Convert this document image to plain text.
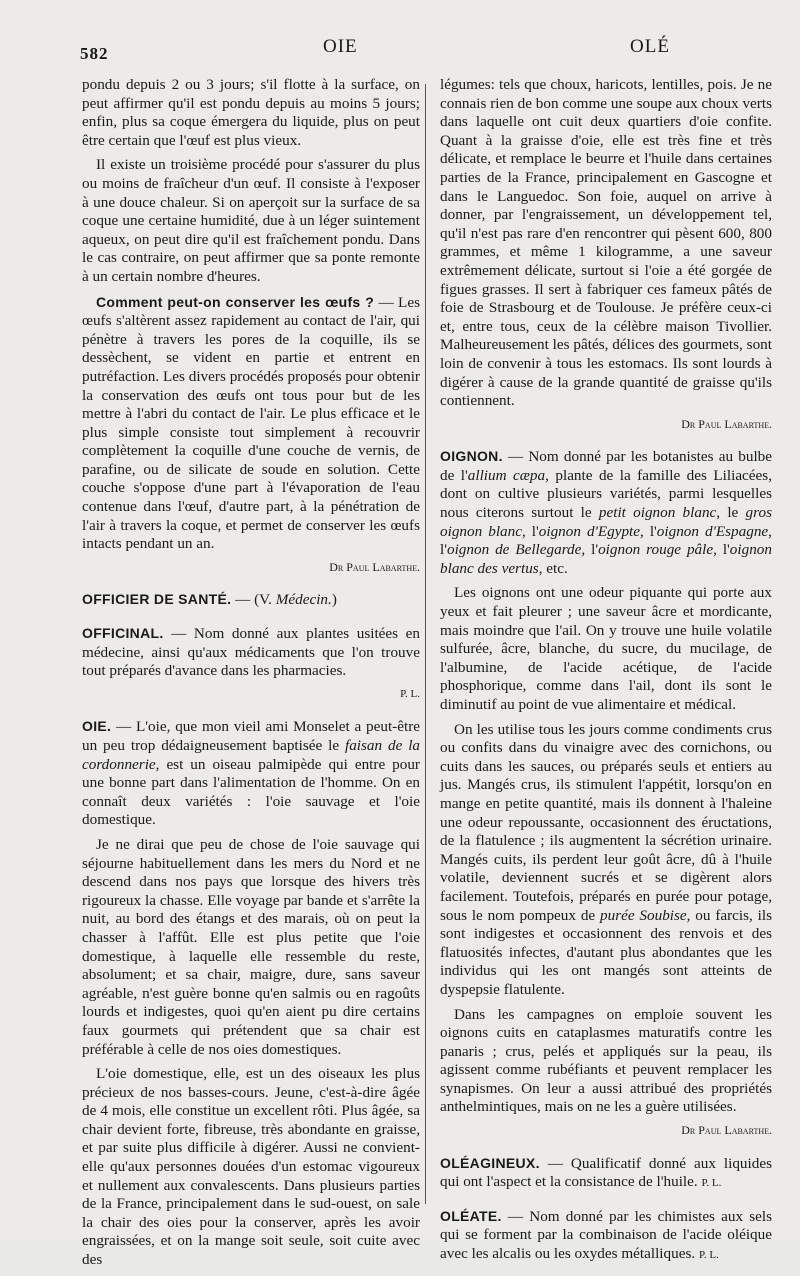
582	OIE	OLÉ

pondu depuis 2 ou 3 jours; s'il flotte à la surface, on peut affirmer qu'il est pondu depuis au moins 5 jours; enfin, plus sa coque émergera du liquide, plus on peut être certain que l'œuf est plus vieux.

Il existe un troisième procédé pour s'assurer du plus ou moins de fraîcheur d'un œuf. Il consiste à l'exposer à une douce chaleur. Si on aperçoit sur la surface de sa coque une certaine humidité, due à un léger suintement aqueux, on peut dire qu'il est fraîchement pondu. Dans le cas contraire, on peut affirmer que sa ponte remonte à un certain nombre d'heures.

Comment peut-on conserver les œufs ? — Les œufs s'altèrent assez rapidement au contact de l'air, qui pénètre à travers les pores de la coquille, ils se dessèchent, se vident en partie et entrent en putréfaction. Les divers procédés proposés pour obtenir la conservation des œufs ont tous pour but de les mettre à l'abri du contact de l'air. Le plus efficace et le plus simple consiste tout simplement à recouvrir complètement la coquille d'une couche de vernis, de parafine, ou de silicate de soude en solution. Cette couche s'oppose d'une part à l'évaporation de l'eau contenue dans l'œuf, d'autre part, à la pénétration de l'air à travers la coque, et permet de conserver les œufs intacts pendant un an.

Dr Paul Labarthe.

OFFICIER DE SANTÉ. — (V. Médecin.)

OFFICINAL. — Nom donné aux plantes usitées en médecine, ainsi qu'aux médicaments que l'on trouve tout préparés d'avance dans les pharmacies.

P. L.

OIE. — L'oie, que mon vieil ami Monselet a peut-être un peu trop dédaigneusement baptisée le faisan de la cordonnerie, est un oiseau palmipède qui entre pour une bonne part dans l'alimentation de l'homme. On en connaît deux variétés : l'oie sauvage et l'oie domestique.

Je ne dirai que peu de chose de l'oie sauvage qui séjourne habituellement dans les mers du Nord et ne descend dans nos pays que lorsque des hivers très rigoureux la chasse. Elle voyage par bande et s'arrête la nuit, au bord des étangs et des marais, où on peut la chasser à l'affût. Elle est plus petite que l'oie domestique, à laquelle elle ressemble du reste, absolument; et sa chair, maigre, dure, sans saveur agréable, n'est guère bonne qu'en salmis ou en ragoûts lourds et indigestes, quoi qu'en aient pu dire certains faux gourmets qui prétendent que sa chair est préférable à celle de nos oies domestiques.

L'oie domestique, elle, est un des oiseaux les plus précieux de nos basses-cours. Jeune, c'est-à-dire âgée de 4 mois, elle constitue un excellent rôti. Plus âgée, sa chair devient forte, fibreuse, très abondante en graisse, et par suite plus difficile à digérer. Aussi ne convient-elle qu'aux personnes douées d'un estomac vigoureux et nullement aux convalescents. Dans plusieurs parties de la France, principalement dans le sud-ouest, on sale la chair des oies pour la conserver, après les avoir engraissées, et on la mange soit seule, soit cuite avec des

légumes: tels que choux, haricots, lentilles, pois. Je ne connais rien de bon comme une soupe aux choux verts dans laquelle ont cuit deux quartiers d'oie confite. Quant à la graisse d'oie, elle est très fine et très délicate, et remplace le beurre et l'huile dans certaines parties de la France, principalement en Gascogne et dans le Languedoc. Son foie, auquel on arrive à donner, par l'engraissement, un développement tel, qu'il n'est pas rare d'en rencontrer qui pèsent 600, 800 grammes, et même 1 kilogramme, a une saveur extrêmement délicate, surtout si l'oie a été gorgée de figues grasses. Il sert à fabriquer ces fameux pâtés de foie de Strasbourg et de Toulouse. Je préfère ceux-ci et, entre tous, ceux de la célèbre maison Tivollier. Malheureusement les pâtés, délices des gourmets, sont loin de convenir à tous les estomacs. Ils sont lourds à digérer à cause de la grande quantité de graisse qu'ils contiennent.

Dr Paul Labarthe.

OIGNON. — Nom donné par les botanistes au bulbe de l'allium cæpa, plante de la famille des Liliacées, dont on cultive plusieurs variétés, parmi lesquelles nous citerons surtout le petit oignon blanc, le gros oignon blanc, l'oignon d'Egypte, l'oignon d'Espagne, l'oignon de Bellegarde, l'oignon rouge pâle, l'oignon blanc des vertus, etc.

Les oignons ont une odeur piquante qui porte aux yeux et fait pleurer ; une saveur âcre et mordicante, mais moindre que l'ail. On y trouve une huile volatile sulfurée, âcre, blanche, du sucre, du mucilage, de l'albumine, de l'acide acétique, de l'acide phosphorique, comme dans l'ail, dont ils sont le diminutif au point de vue alimentaire et médical.

On les utilise tous les jours comme condiments crus ou confits dans du vinaigre avec des cornichons, ou cuits dans les sauces, ou préparés seuls et entiers au jus. Mangés crus, ils stimulent l'appétit, lorsqu'on en mange en petite quantité, mais ils donnent à l'haleine une odeur repoussante, occasionnent des éructations, de la flatulence ; ils augmentent la sécrétion urinaire. Mangés cuits, ils perdent leur goût âcre, dû à l'huile volatile, deviennent sucrés et se digèrent alors facilement. Toutefois, préparés en purée pour potage, sous le nom pompeux de purée Soubise, ou farcis, ils sont indigestes et occasionnent des renvois et des flatuosités infectes, d'autant plus abondantes que les individus qui les ont mangés sont atteints de dyspepsie flatulente.

Dans les campagnes on emploie souvent les oignons cuits en cataplasmes maturatifs contre les panaris ; crus, pelés et appliqués sur la peau, ils agissent comme rubéfiants et peuvent remplacer les synapismes. On leur a aussi attribué des propriétés anthelmintiques, mais on ne les a guère utilisées.

Dr Paul Labarthe.

OLÉAGINEUX. — Qualificatif donné aux liquides qui ont l'aspect et la consistance de l'huile. P. L.

OLÉATE. — Nom donné par les chimistes aux sels qui se forment par la combinaison de l'acide oléique avec les alcalis ou les oxydes métalliques. P. L.
